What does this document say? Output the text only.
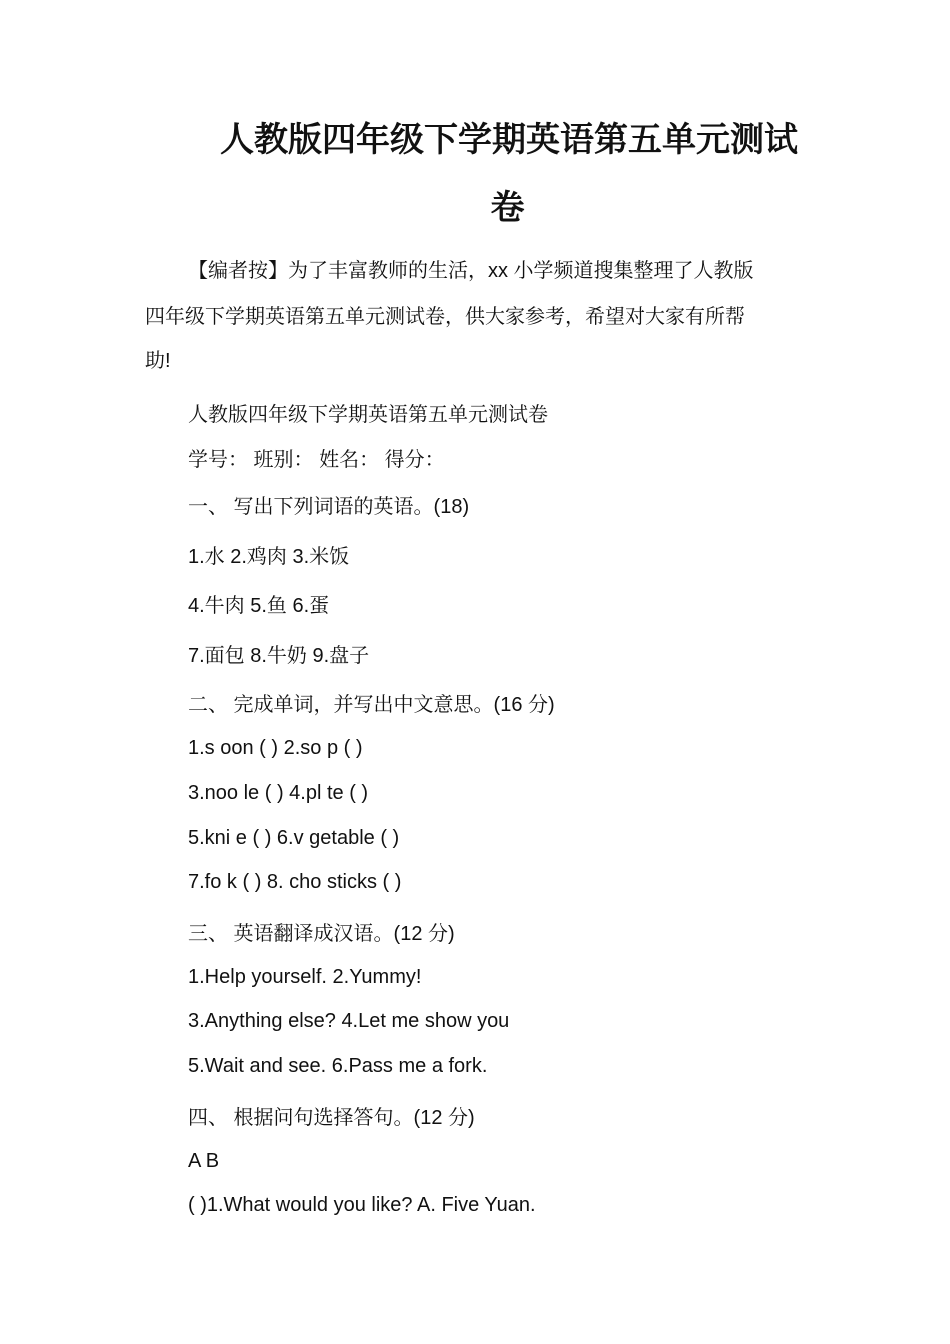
人教版四年级下学期英语第五单元测试
卷

【编者按】为了丰富教师的生活，xx 小学频道搜集整理了人教版

四年级下学期英语第五单元测试卷，供大家参考，希望对大家有所帮

助!

人教版四年级下学期英语第五单元测试卷

学号： 班别： 姓名： 得分：

一、 写出下列词语的英语。(18)

1.水 2.鸡肉 3.米饭

4.牛肉 5.鱼 6.蛋

7.面包 8.牛奶 9.盘子

二、 完成单词，并写出中文意思。(16 分)

1.s oon ( ) 2.so p ( )

3.noo le ( ) 4.pl te ( )

5.kni e ( ) 6.v getable ( )

7.fo k ( ) 8. cho sticks ( )

三、 英语翻译成汉语。(12 分)

1.Help yourself. 2.Yummy!

3.Anything else? 4.Let me show you

5.Wait and see. 6.Pass me a fork.

四、 根据问句选择答句。(12 分)

A B

( )1.What would you like? A. Five Yuan.
